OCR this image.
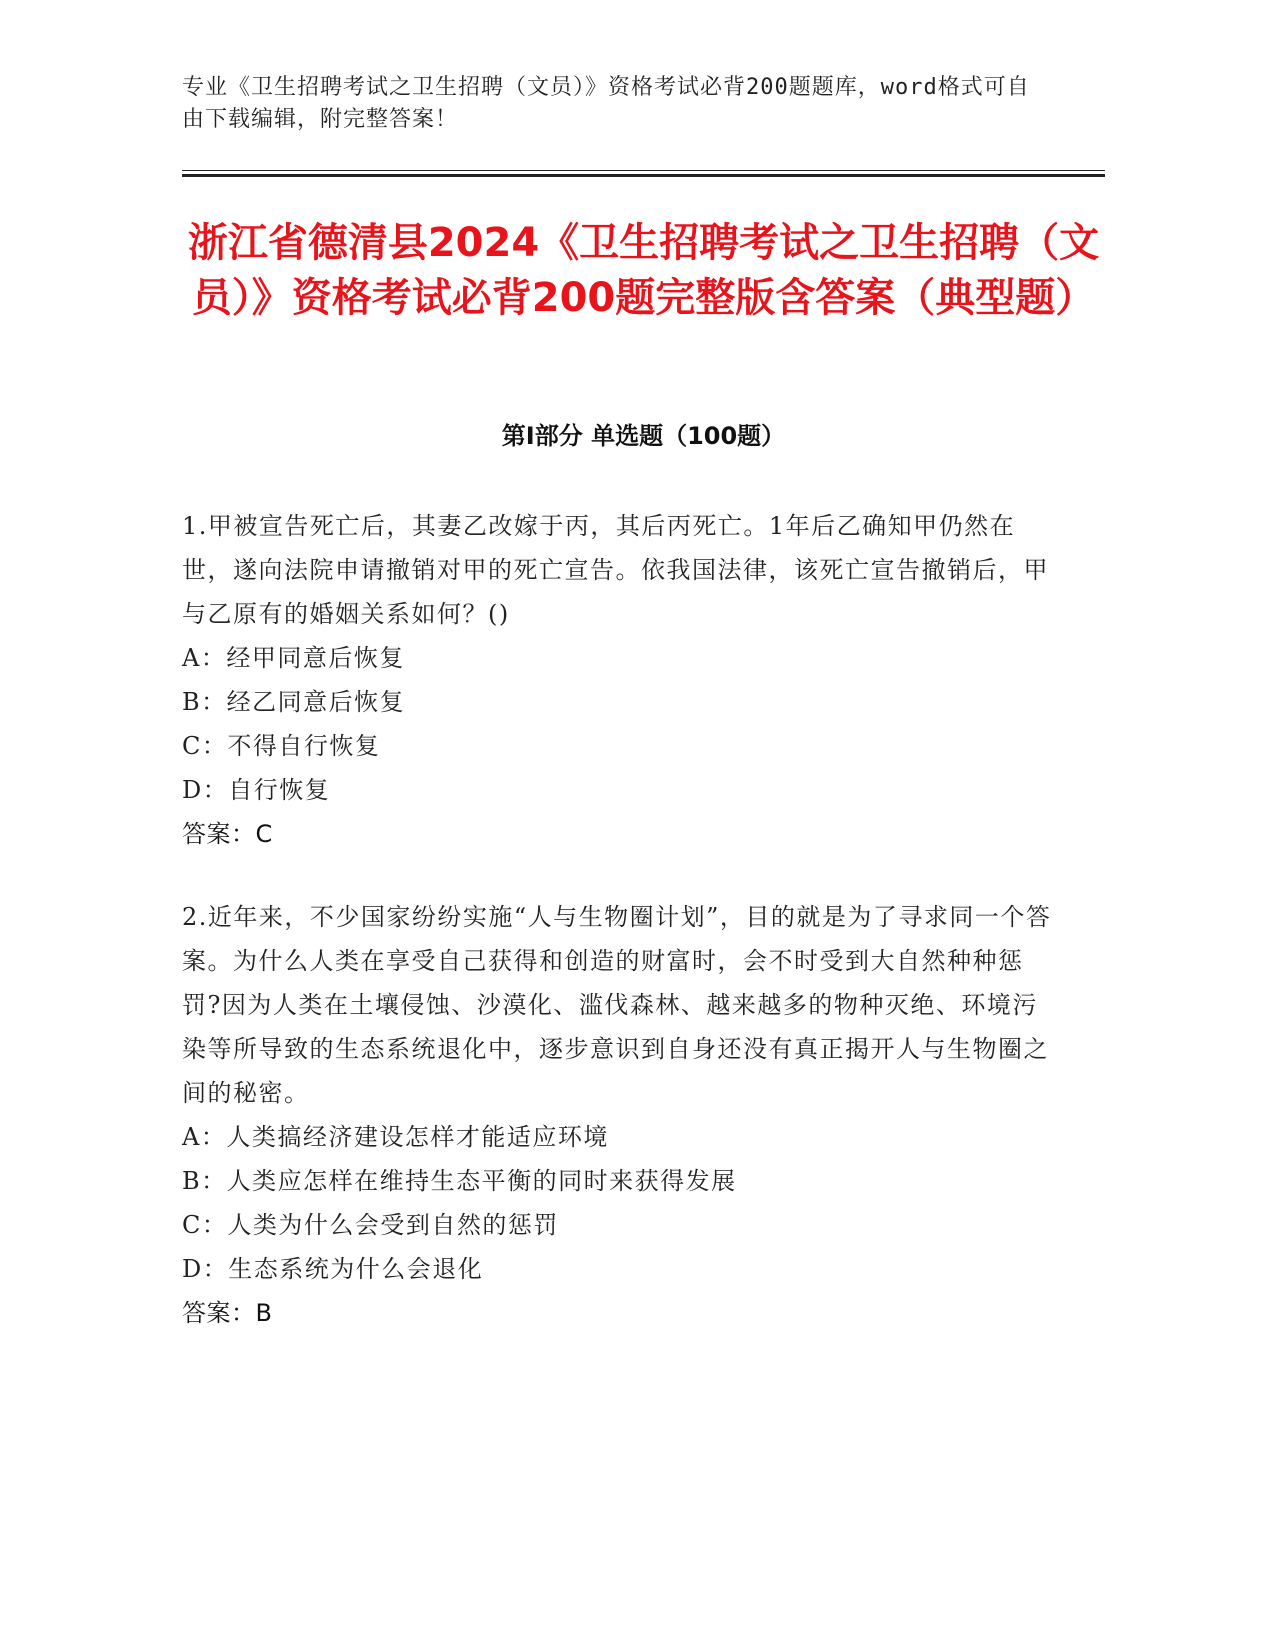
专业《卫生招聘考试之卫生招聘（文员）》资格考试必背200题题库，word格式可自由下载编辑，附完整答案！
浙江省德清县2024《卫生招聘考试之卫生招聘（文员）》资格考试必背200题完整版含答案（典型题）
第Ⅰ部分 单选题（100题）

1.甲被宣告死亡后，其妻乙改嫁于丙，其后丙死亡。1年后乙确知甲仍然在世，遂向法院申请撤销对甲的死亡宣告。依我国法律，该死亡宣告撤销后，甲与乙原有的婚姻关系如何？()

A：经甲同意后恢复

B：经乙同意后恢复

C：不得自行恢复

D：自行恢复

答案：C

2.近年来，不少国家纷纷实施“人与生物圈计划”，目的就是为了寻求同一个答案。为什么人类在享受自己获得和创造的财富时，会不时受到大自然种种惩罚?因为人类在土壤侵蚀、沙漠化、滥伐森林、越来越多的物种灭绝、环境污染等所导致的生态系统退化中，逐步意识到自身还没有真正揭开人与生物圈之间的秘密。

A：人类搞经济建设怎样才能适应环境

B：人类应怎样在维持生态平衡的同时来获得发展

C：人类为什么会受到自然的惩罚

D：生态系统为什么会退化

答案：B
